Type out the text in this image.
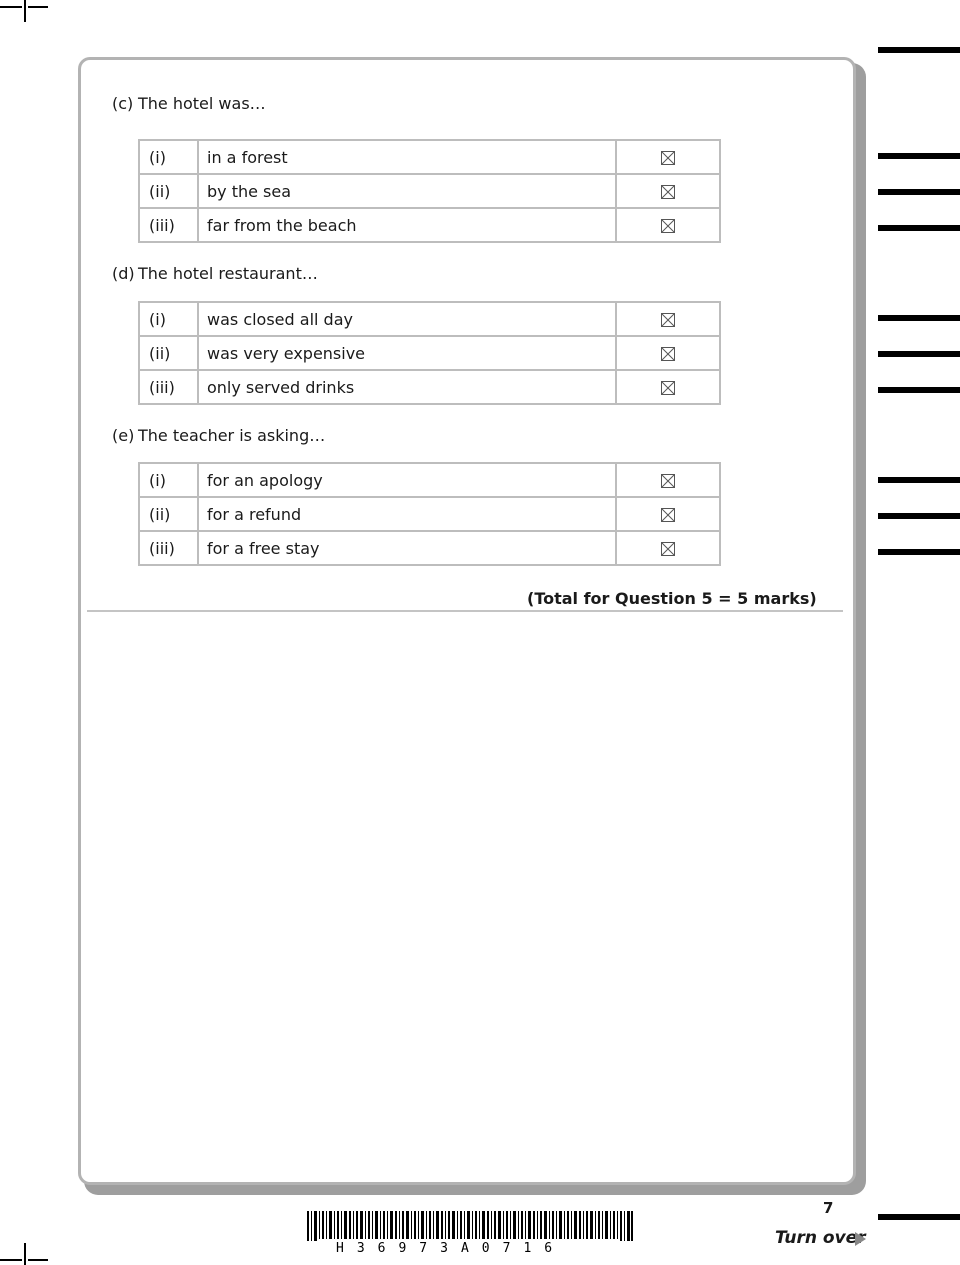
(c) The hotel was…
(i)	in a forest	
(ii)	by the sea	
(iii)	far from the beach	
(d) The hotel restaurant…
(i)	was closed all day	
(ii)	was very expensive	
(iii)	only served drinks	
(e) The teacher is asking…
(i)	for an apology	
(ii)	for a refund	
(iii)	for a free stay	
(Total for Question 5 = 5 marks)
H36973A0716
7
Turn over
